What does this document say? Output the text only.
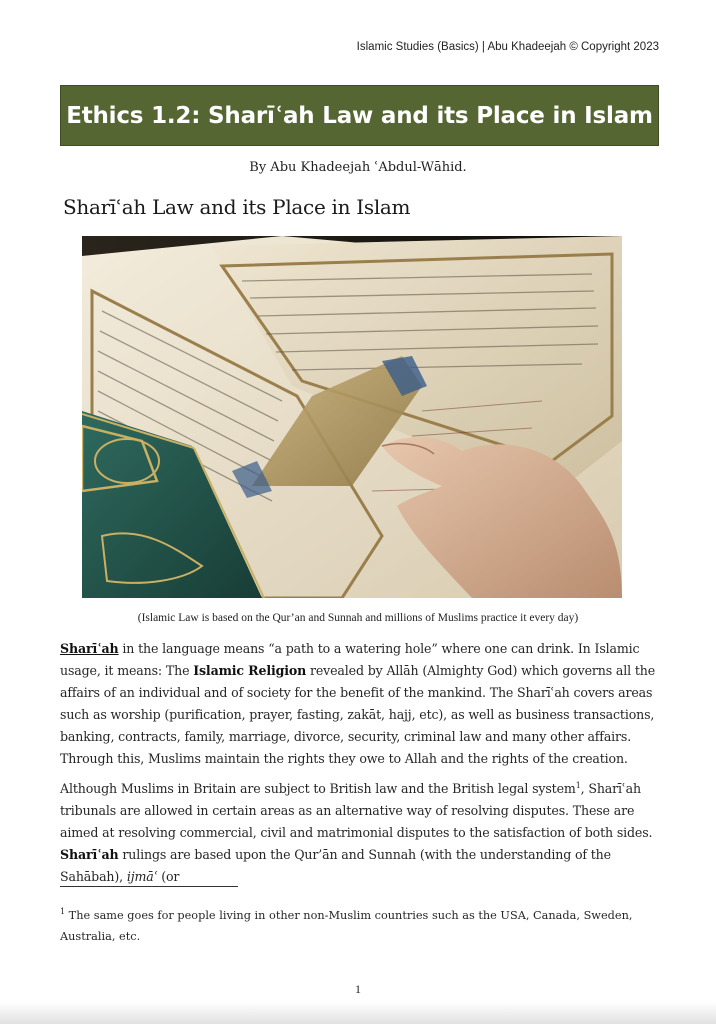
Islamic Studies (Basics) | Abu Khadeejah © Copyright 2023
Ethics 1.2: Sharīʿah Law and its Place in Islam
By Abu Khadeejah ʿAbdul-Wāhid.
Sharīʿah Law and its Place in Islam
(Islamic Law is based on the Qur’an and Sunnah and millions of Muslims practice it every day)

Sharīʿah in the language means “a path to a watering hole” where one can drink. In Islamic usage, it means: The Islamic Religion revealed by Allāh (Almighty God) which governs all the affairs of an individual and of society for the benefit of the mankind. The Sharīʿah covers areas such as worship (purification, prayer, fasting, zakāt, hajj, etc), as well as business transactions, banking, contracts, family, marriage, divorce, security, criminal law and many other affairs. Through this, Muslims maintain the rights they owe to Allah and the rights of the creation.

Although Muslims in Britain are subject to British law and the British legal system$^1$, Sharīʿah tribunals are allowed in certain areas as an alternative way of resolving disputes. These are aimed at resolving commercial, civil and matrimonial disputes to the satisfaction of both sides. Sharīʿah rulings are based upon the Qur’ān and Sunnah (with the understanding of the Sahābah), ijmāʿ (or

$^1$ The same goes for people living in other non-Muslim countries such as the USA, Canada, Sweden, Australia, etc.

1
